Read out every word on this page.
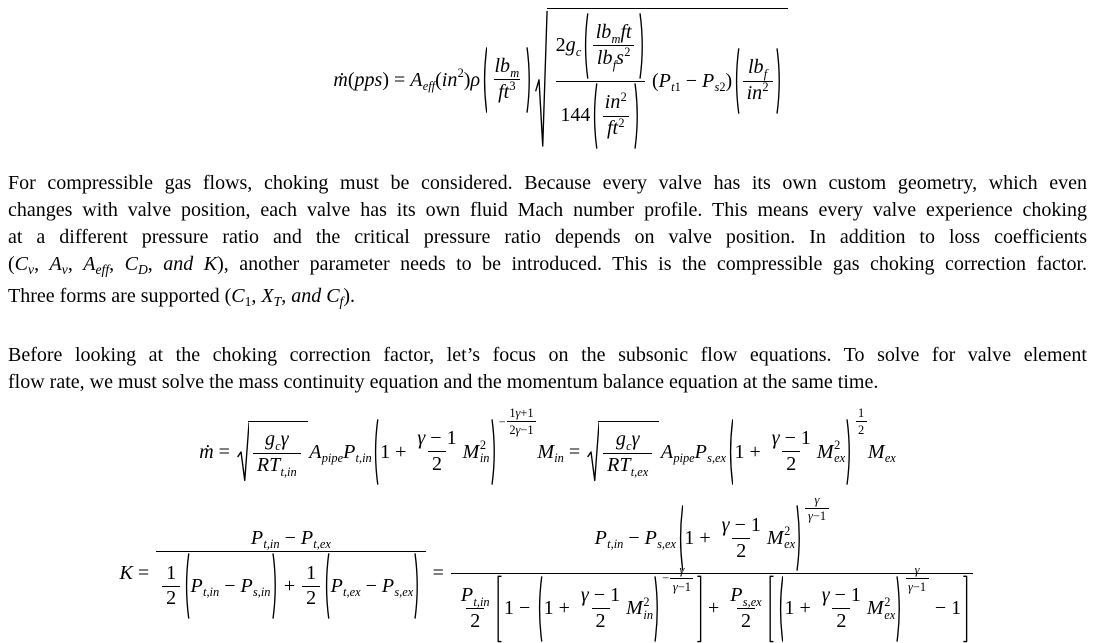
ṁ ( pps ) = A eff ( in 2 ) ρ $\frac{\text{lb m}}{ft 3} \frac{2 g c \frac{\text{lb m ft}}{\text{lb f s 2}}}{144 \frac{in 2}{ft 2}}$ ( P t 1 − P s 2 ) $\frac{\text{lb f}}{in 2}$
For compressible gas flows, choking must be considered. Because every valve has its own custom geometry, which even
changes with valve position, each valve has its own fluid Mach number profile. This means every valve experience choking
at a different pressure ratio and the critical pressure ratio depends on valve position. In addition to loss coefficients
($C_v$, $A_v$, $A_{eff}$, $C_D$, and K), another parameter needs to be introduced. This is the compressible gas choking correction factor.
Three forms are supported ($C_1$, $X_T$, and $C_f$).
Before looking at the choking correction factor, let’s focus on the subsonic flow equations. To solve for valve element
flow rate, we must solve the mass continuity equation and the momentum balance equation at the same time.
ṁ = $\frac{\text{g c γ}}{\text{R T t , in}}$ A pipe P t , in $1 + \frac{\gamma - 1}{2}$ M 2
in
− $\frac{1 \gamma +1}{2 \gamma -1}$
M in = $\frac{\text{g c γ}}{\text{R T t , ex}}$ A pipe P s , ex $1 + \frac{\gamma - 1}{2}$ M 2
ex
$\frac{1}{2}$
M ex
$K = \frac{\text{P t , in − P t , ex}}{\frac{1}{2} P t , in - P s , in + \frac{1}{2} P t , ex - P s , ex} = P$ t , in − P s , ex $1 + \frac{\gamma - 1}{2}$ M 2
ex
$\frac{\gamma}{\gamma -1}$
$\frac{\text{P t , in}}{2} 1 - 1 + \frac{\gamma - 1}{2}$ M 2
in
− $\frac{\gamma}{\gamma -1}$
+ $\frac{\text{P s , ex}}{2} 1 + \frac{\gamma - 1}{2}$ M 2
ex
$\frac{\gamma}{\gamma -1}$
− 1
